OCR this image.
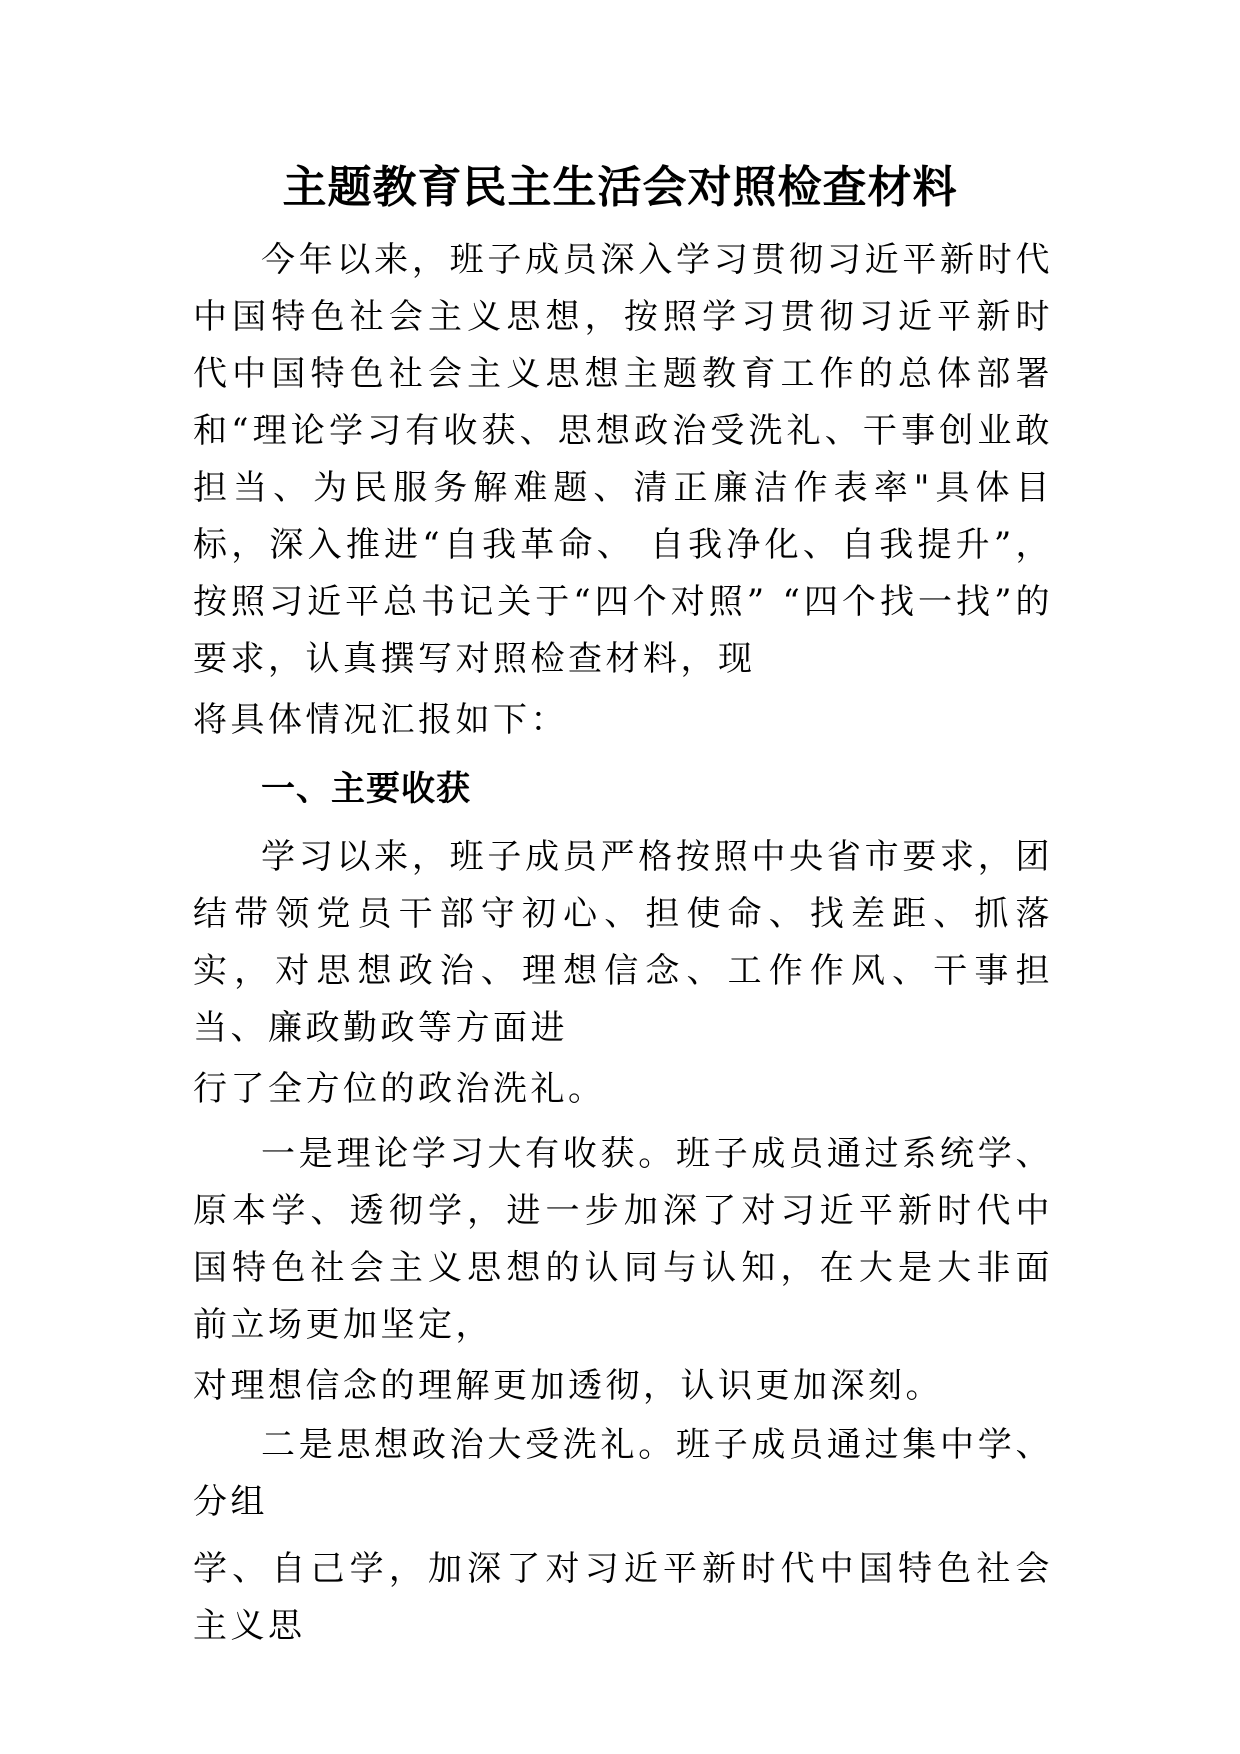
主题教育民主生活会对照检查材料

今年以来，班子成员深入学习贯彻习近平新时代中国特色社会主义思想，按照学习贯彻习近平新时代中国特色社会主义思想主题教育工作的总体部署和“理论学习有收获、思想政治受洗礼、干事创业敢担当、为民服务解难题、清正廉洁作表率"具体目标，深入推进“自我革命、 自我净化、自我提升”，按照习近平总书记关于“四个对照” “四个找一找”的要求，认真撰写对照检查材料，现

将具体情况汇报如下：

一、主要收获

学习以来，班子成员严格按照中央省市要求，团结带领党员干部守初心、担使命、找差距、抓落实，对思想政治、理想信念、工作作风、干事担当、廉政勤政等方面进

行了全方位的政治洗礼。

一是理论学习大有收获。班子成员通过系统学、原本学、透彻学，进一步加深了对习近平新时代中国特色社会主义思想的认同与认知，在大是大非面前立场更加坚定，

对理想信念的理解更加透彻，认识更加深刻。

二是思想政治大受洗礼。班子成员通过集中学、分组

学、自己学，加深了对习近平新时代中国特色社会主义思
